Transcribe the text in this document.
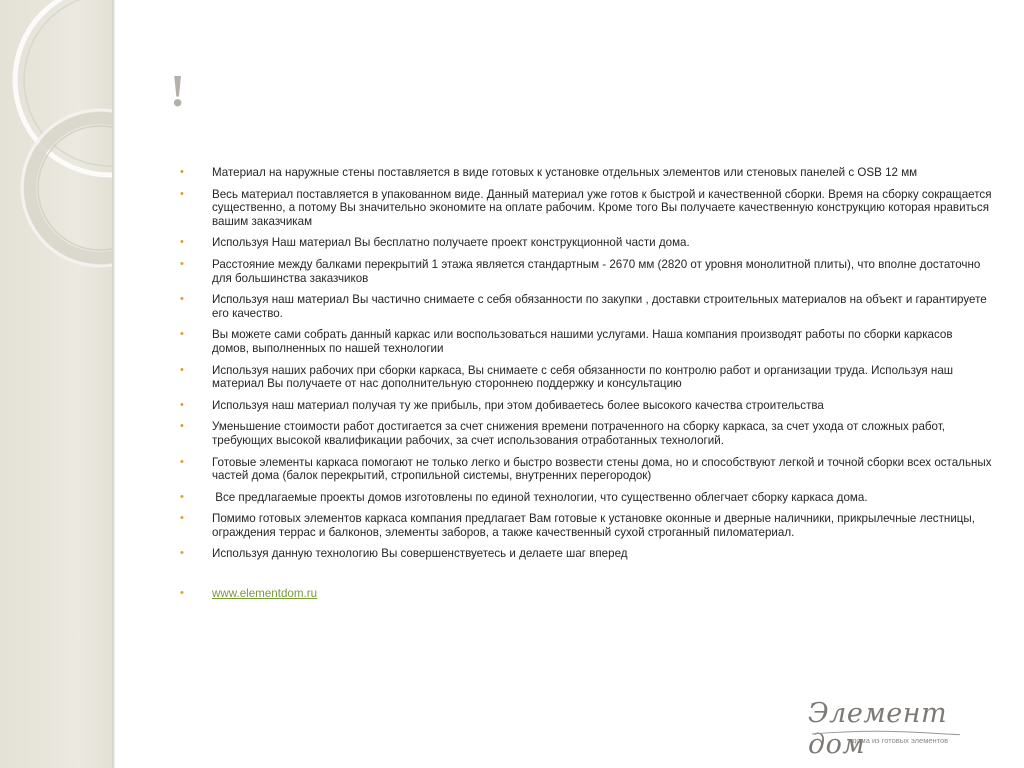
!
• Материал на наружные стены поставляется в виде готовых к установке отдельных элементов или стеновых панелей с OSB 12 мм
• Весь материал поставляется в упакованном виде. Данный материал уже готов к быстрой и качественной сборки. Время на сборку сокращается существенно, а потому Вы значительно экономите на оплате рабочим. Кроме того Вы получаете качественную конструкцию которая нравиться вашим заказчикам
• Используя Наш материал Вы бесплатно получаете проект конструкционной части дома.
• Расстояние между балками перекрытий 1 этажа является стандартным - 2670 мм (2820 от уровня монолитной плиты), что вполне достаточно для большинства заказчиков
• Используя наш материал Вы частично снимаете с себя обязанности по закупки , доставки строительных материалов на объект и гарантируете его качество.
• Вы можете сами собрать данный каркас или воспользоваться нашими услугами. Наша компания производят работы по сборки каркасов домов, выполненных по нашей технологии
• Используя наших рабочих при сборки каркаса, Вы снимаете с себя обязанности по контролю работ и организации труда. Используя наш материал Вы получаете от нас дополнительную стороннею поддержку и консультацию
• Используя наш материал получая ту же прибыль, при этом добиваетесь более высокого качества строительства
• Уменьшение стоимости работ достигается за счет снижения времени потраченного на сборку каркаса, за счет ухода от сложных работ, требующих высокой квалификации рабочих, за счет использования отработанных технологий.
• Готовые элементы каркаса помогают не только легко и быстро возвести стены дома, но и способствуют легкой и точной сборки всех остальных частей дома (балок перекрытий, стропильной системы, внутренних перегородок)
• Все предлагаемые проекты домов изготовлены по единой технологии, что существенно облегчает сборку каркаса дома.
• Помимо готовых элементов каркаса компания предлагает Вам готовые к установке оконные и дверные наличники, прикрылечные лестницы, ограждения террас и балконов, элементы заборов, а также качественный сухой строганный пиломатериал.
• Используя данную технологию Вы совершенствуетесь и делаете шаг вперед
• www.elementdom.ru
Элемент дом
дома из готовых элементов
